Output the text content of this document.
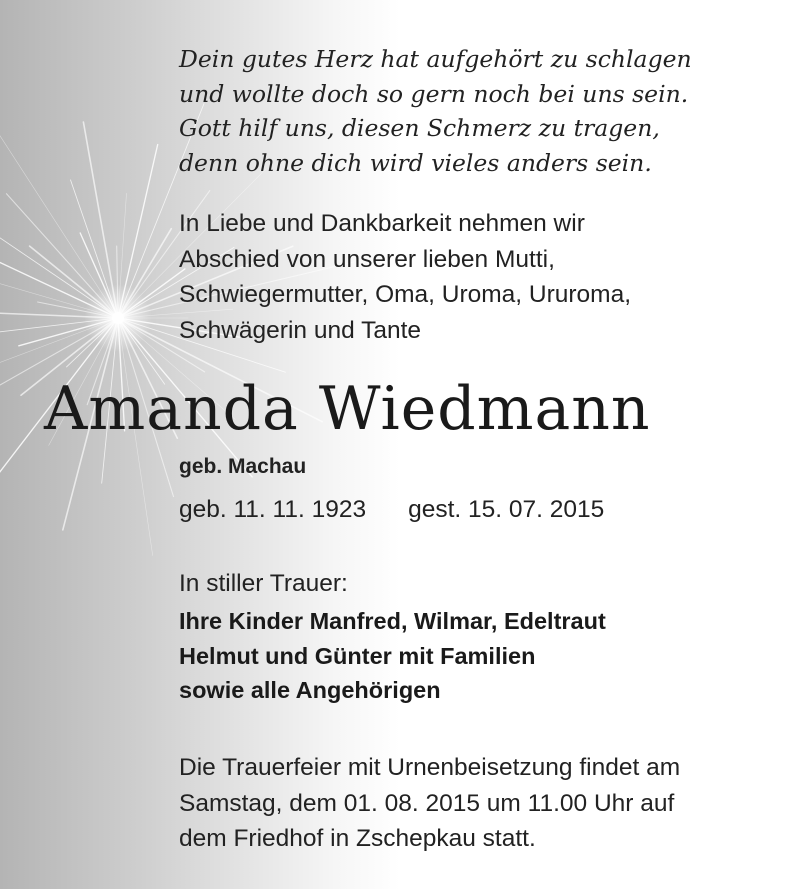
Dein gutes Herz hat aufgehört zu schlagen
und wollte doch so gern noch bei uns sein.
Gott hilf uns, diesen Schmerz zu tragen,
denn ohne dich wird vieles anders sein.
In Liebe und Dankbarkeit nehmen wir
Abschied von unserer lieben Mutti,
Schwiegermutter, Oma, Uroma, Ururoma,
Schwägerin und Tante
Amanda Wiedmann
geb. Machau
geb. 11. 11. 1923 gest. 15. 07. 2015
In stiller Trauer:
Ihre Kinder Manfred, Wilmar, Edeltraut
Helmut und Günter mit Familien
sowie alle Angehörigen
Die Trauerfeier mit Urnenbeisetzung findet am
Samstag, dem 01. 08. 2015 um 11.00 Uhr auf
dem Friedhof in Zschepkau statt.
